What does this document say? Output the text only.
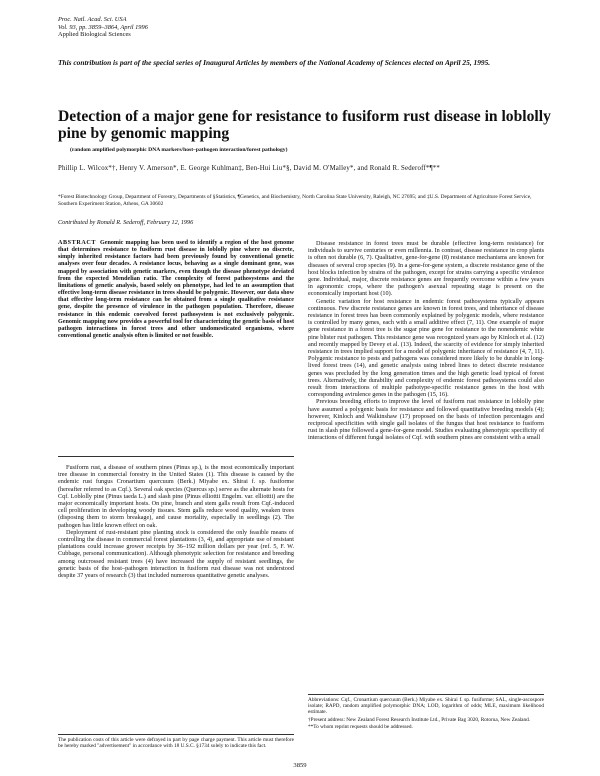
Proc. Natl. Acad. Sci. USA
Vol. 93, pp. 3859–3864, April 1996
Applied Biological Sciences
This contribution is part of the special series of Inaugural Articles by members of the National Academy of Sciences elected on April 25, 1995.
Detection of a major gene for resistance to fusiform rust disease in loblolly pine by genomic mapping
(random amplified polymorphic DNA markers/host–pathogen interaction/forest pathology)
Phillip L. Wilcox*†, Henry V. Amerson*, E. George Kuhlman‡, Ben-Hui Liu*§, David M. O'Malley*, and Ronald R. Sederoff*¶**
*Forest Biotechnology Group, Department of Forestry, Departments of §Statistics, ¶Genetics, and Biochemistry, North Carolina State University, Raleigh, NC 27695; and ‡U.S. Department of Agriculture Forest Service, Southern Experiment Station, Athens, GA 30602
Contributed by Ronald R. Sederoff, February 12, 1996
ABSTRACT Genomic mapping has been used to identify a region of the host genome that determines resistance to fusiform rust disease in loblolly pine where no discrete, simply inherited resistance factors had been previously found by conventional genetic analyses over four decades. A resistance locus, behaving as a single dominant gene, was mapped by association with genetic markers, even though the disease phenotype deviated from the expected Mendelian ratio. The complexity of forest pathosystems and the limitations of genetic analysis, based solely on phenotype, had led to an assumption that effective long-term disease resistance in trees should be polygenic. However, our data show that effective long-term resistance can be obtained from a single qualitative resistance gene, despite the presence of virulence in the pathogen population. Therefore, disease resistance in this endemic coevolved forest pathosystem is not exclusively polygenic. Genomic mapping now provides a powerful tool for characterizing the genetic basis of host pathogen interactions in forest trees and other undomesticated organisms, where conventional genetic analysis often is limited or not feasible.

Fusiform rust, a disease of southern pines (Pinus sp.), is the most economically important tree disease in commercial forestry in the United States (1). This disease is caused by the endemic rust fungus Cronartium quercuum (Berk.) Miyabe ex. Shirai f. sp. fusiforme (hereafter referred to as Cqf.). Several oak species (Quercus sp.) serve as the alternate hosts for Cqf. Loblolly pine (Pinus taeda L.) and slash pine (Pinus elliottii Engelm. var. elliottii) are the major economically important hosts. On pine, branch and stem galls result from Cqf.-induced cell proliferation in developing woody tissues. Stem galls reduce wood quality, weaken trees (disposing them to storm breakage), and cause mortality, especially in seedlings (2). The pathogen has little known effect on oak.

Deployment of rust-resistant pine planting stock is considered the only feasible means of controlling the disease in commercial forest plantations (3, 4), and appropriate use of resistant plantations could increase grower receipts by 36–192 million dollars per year (ref. 5, F. W. Cubbage, personal communication). Although phenotypic selection for resistance and breeding among outcrossed resistant trees (4) have increased the supply of resistant seedlings, the genetic basis of the host–pathogen interaction in fusiform rust disease was not understood despite 37 years of research (3) that included numerous quantitative genetic analyses.

The publication costs of this article were defrayed in part by page charge payment. This article must therefore be hereby marked "advertisement" in accordance with 18 U.S.C. §1734 solely to indicate this fact.

Disease resistance in forest trees must be durable (effective long-term resistance) for individuals to survive centuries or even millennia. In contrast, disease resistance in crop plants is often not durable (6, 7). Qualitative, gene-for-gene (8) resistance mechanisms are known for diseases of several crop species (9). In a gene-for-gene system, a discrete resistance gene of the host blocks infection by strains of the pathogen, except for strains carrying a specific virulence gene. Individual, major, discrete resistance genes are frequently overcome within a few years in agronomic crops, where the pathogen's asexual repeating stage is present on the economically important host (10).

Genetic variation for host resistance in endemic forest pathosystems typically appears continuous. Few discrete resistance genes are known in forest trees, and inheritance of disease resistance in forest trees has been commonly explained by polygenic models, where resistance is controlled by many genes, each with a small additive effect (7, 11). One example of major gene resistance in a forest tree is the sugar pine gene for resistance to the nonendemic white pine blister rust pathogen. This resistance gene was recognized years ago by Kinloch et al. (12) and recently mapped by Devey et al. (13). Indeed, the scarcity of evidence for simply inherited resistance in trees implied support for a model of polygenic inheritance of resistance (4, 7, 11). Polygenic resistance to pests and pathogens was considered more likely to be durable in long-lived forest trees (14), and genetic analysis using inbred lines to detect discrete resistance genes was precluded by the long generation times and the high genetic load typical of forest trees. Alternatively, the durability and complexity of endemic forest pathosystems could also result from interactions of multiple pathotype-specific resistance genes in the host with corresponding avirulence genes in the pathogen (15, 16).

Previous breeding efforts to improve the level of fusiform rust resistance in loblolly pine have assumed a polygenic basis for resistance and followed quantitative breeding models (4); however, Kinloch and Walkinshaw (17) proposed on the basis of infection percentages and reciprocal specificities with single gall isolates of the fungus that host resistance to fusiform rust in slash pine followed a gene-for-gene model. Studies evaluating phenotypic specificity of interactions of different fungal isolates of Cqf. with southern pines are consistent with a small

Abbreviations: Cqf., Cronartium quercuum (Berk.) Miyabe ex. Shirai f. sp. fusiforme; SAL, single-ascospore isolate; RAPD, random amplified polymorphic DNA; LOD, logarithm of odds; MLE, maximum likelihood estimate.
†Present address: New Zealand Forest Research Institute Ltd., Private Bag 3020, Rotorua, New Zealand.
**To whom reprint requests should be addressed.
3859
